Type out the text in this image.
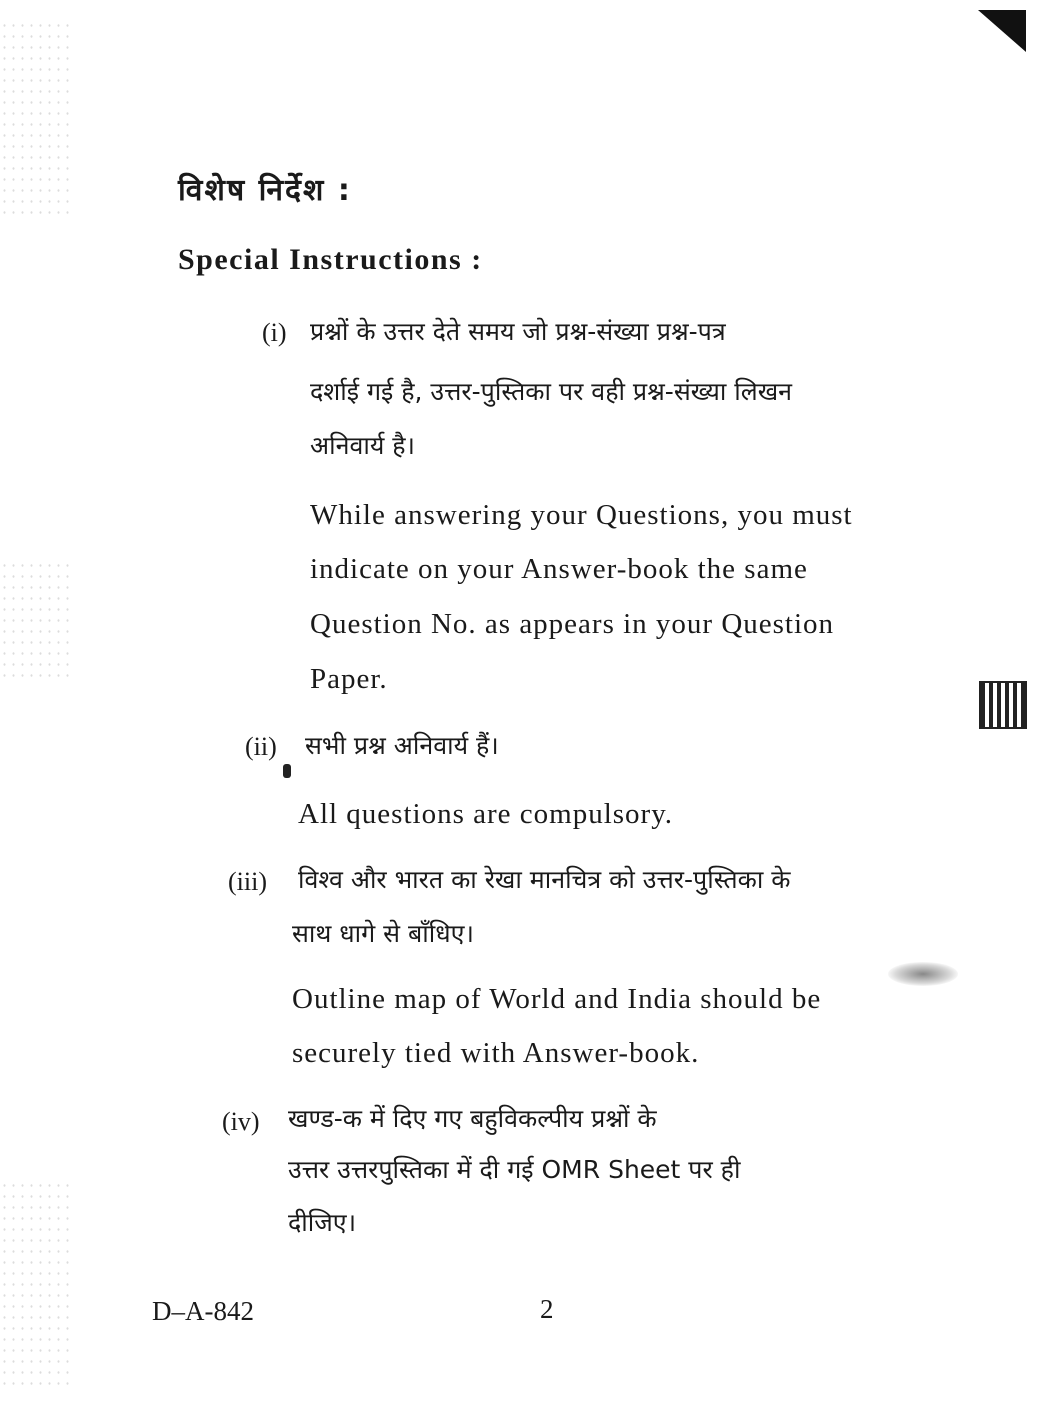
विशेष निर्देश :
Special Instructions :
(i) प्रश्नों के उत्तर देते समय जो प्रश्न-संख्या प्रश्न-पत्र
दर्शाई गई है, उत्तर-पुस्तिका पर वही प्रश्न-संख्या लिखन
अनिवार्य है।
While answering your Questions, you must
indicate on your Answer-book the same
Question No. as appears in your Question
Paper.
(ii) सभी प्रश्न अनिवार्य हैं।
All questions are compulsory.
(iii) विश्व और भारत का रेखा मानचित्र को उत्तर-पुस्तिका के
साथ धागे से बाँधिए।
Outline map of World and India should be
securely tied with Answer-book.
(iv) खण्ड-क में दिए गए बहुविकल्पीय प्रश्नों के
उत्तर उत्तरपुस्तिका में दी गई OMR Sheet पर ही
दीजिए।
D–A-842	2
